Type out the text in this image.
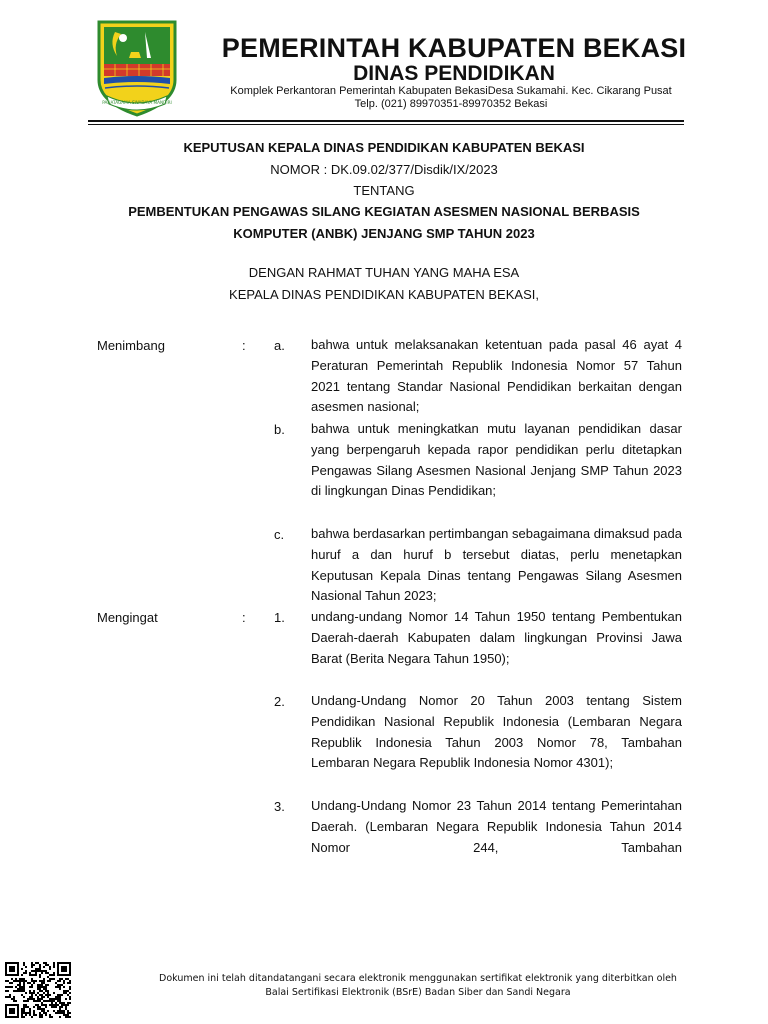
PANATAGAMA SWADAYA MANDIRI
PEMERINTAH KABUPATEN BEKASI
DINAS PENDIDIKAN
Komplek Perkantoran Pemerintah Kabupaten BekasiDesa Sukamahi. Kec. Cikarang Pusat
Telp. (021) 89970351-89970352 Bekasi
KEPUTUSAN KEPALA DINAS PENDIDIKAN KABUPATEN BEKASI
NOMOR : DK.09.02/377/Disdik/IX/2023
TENTANG
PEMBENTUKAN PENGAWAS SILANG KEGIATAN ASESMEN NASIONAL BERBASIS
KOMPUTER (ANBK) JENJANG SMP TAHUN 2023
DENGAN RAHMAT TUHAN YANG MAHA ESA
KEPALA DINAS PENDIDIKAN KABUPATEN BEKASI,
Menimbang	: a. bahwa untuk melaksanakan ketentuan pada pasal 46 ayat 4 Peraturan Pemerintah Republik Indonesia Nomor 57 Tahun 2021 tentang Standar Nasional Pendidikan berkaitan dengan asesmen nasional;
b. bahwa untuk meningkatkan mutu layanan pendidikan dasar yang berpengaruh kepada rapor pendidikan perlu ditetapkan Pengawas Silang Asesmen Nasional Jenjang SMP Tahun 2023 di lingkungan Dinas Pendidikan;
c. bahwa berdasarkan pertimbangan sebagaimana dimaksud pada huruf a dan huruf b tersebut diatas, perlu menetapkan Keputusan Kepala Dinas tentang Pengawas Silang Asesmen Nasional Tahun 2023;
Mengingat	: 1. undang-undang Nomor 14 Tahun 1950 tentang Pembentukan Daerah-daerah Kabupaten dalam lingkungan Provinsi Jawa Barat (Berita Negara Tahun 1950);
2. Undang-Undang Nomor 20 Tahun 2003 tentang Sistem Pendidikan Nasional Republik Indonesia (Lembaran Negara Republik Indonesia Tahun 2003 Nomor 78, Tambahan Lembaran Negara Republik Indonesia Nomor 4301);
3. Undang-Undang Nomor 23 Tahun 2014 tentang Pemerintahan Daerah. (Lembaran Negara Republik Indonesia Tahun 2014 Nomor 244, Tambahan
Dokumen ini telah ditandatangani secara elektronik menggunakan sertifikat elektronik yang diterbitkan oleh
Balai Sertifikasi Elektronik (BSrE) Badan Siber dan Sandi Negara
